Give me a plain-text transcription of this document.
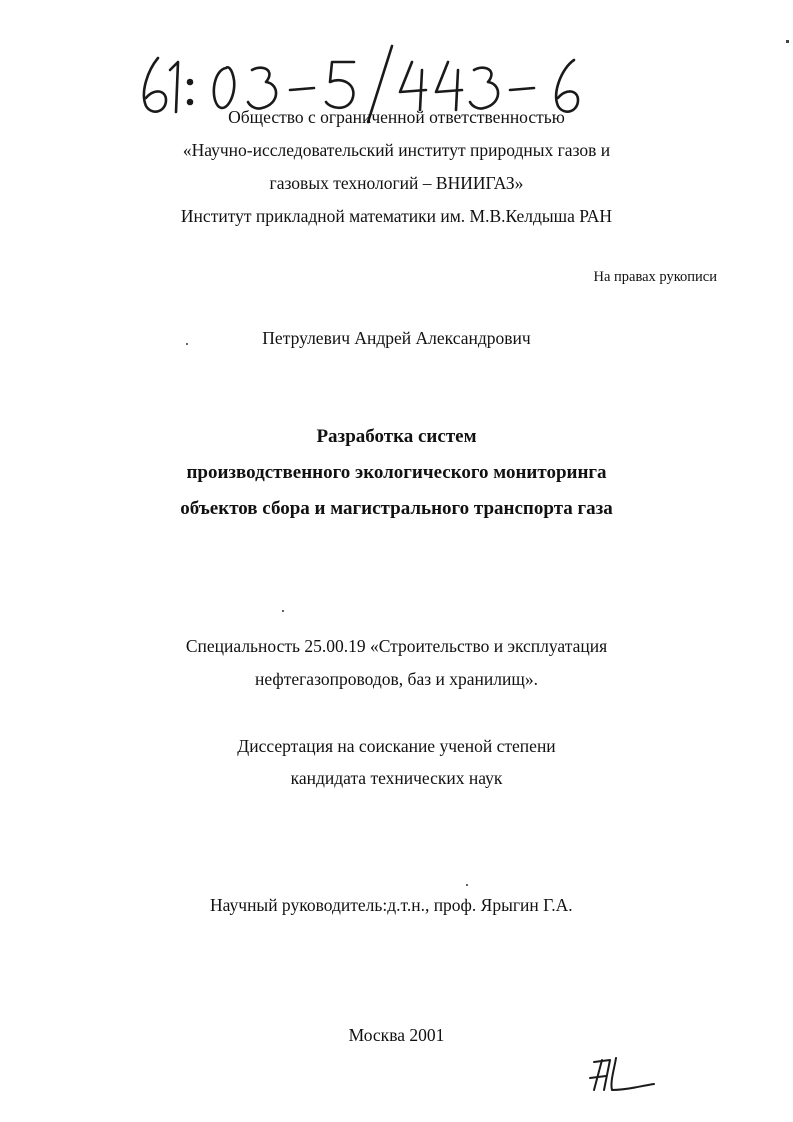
Общество с ограниченной ответственностью
«Научно-исследовательский институт природных газов и
газовых технологий – ВНИИГАЗ»
Институт прикладной математики им. М.В.Келдыша РАН
На правах рукописи
Петрулевич Андрей Александрович
Разработка систем
производственного экологического мониторинга
объектов сбора и магистрального транспорта газа
Специальность 25.00.19 «Строительство и эксплуатация
нефтегазопроводов, баз и хранилищ».
Диссертация на соискание ученой степени
кандидата технических наук
Научный руководитель:д.т.н., проф. Ярыгин Г.А.
Москва 2001
